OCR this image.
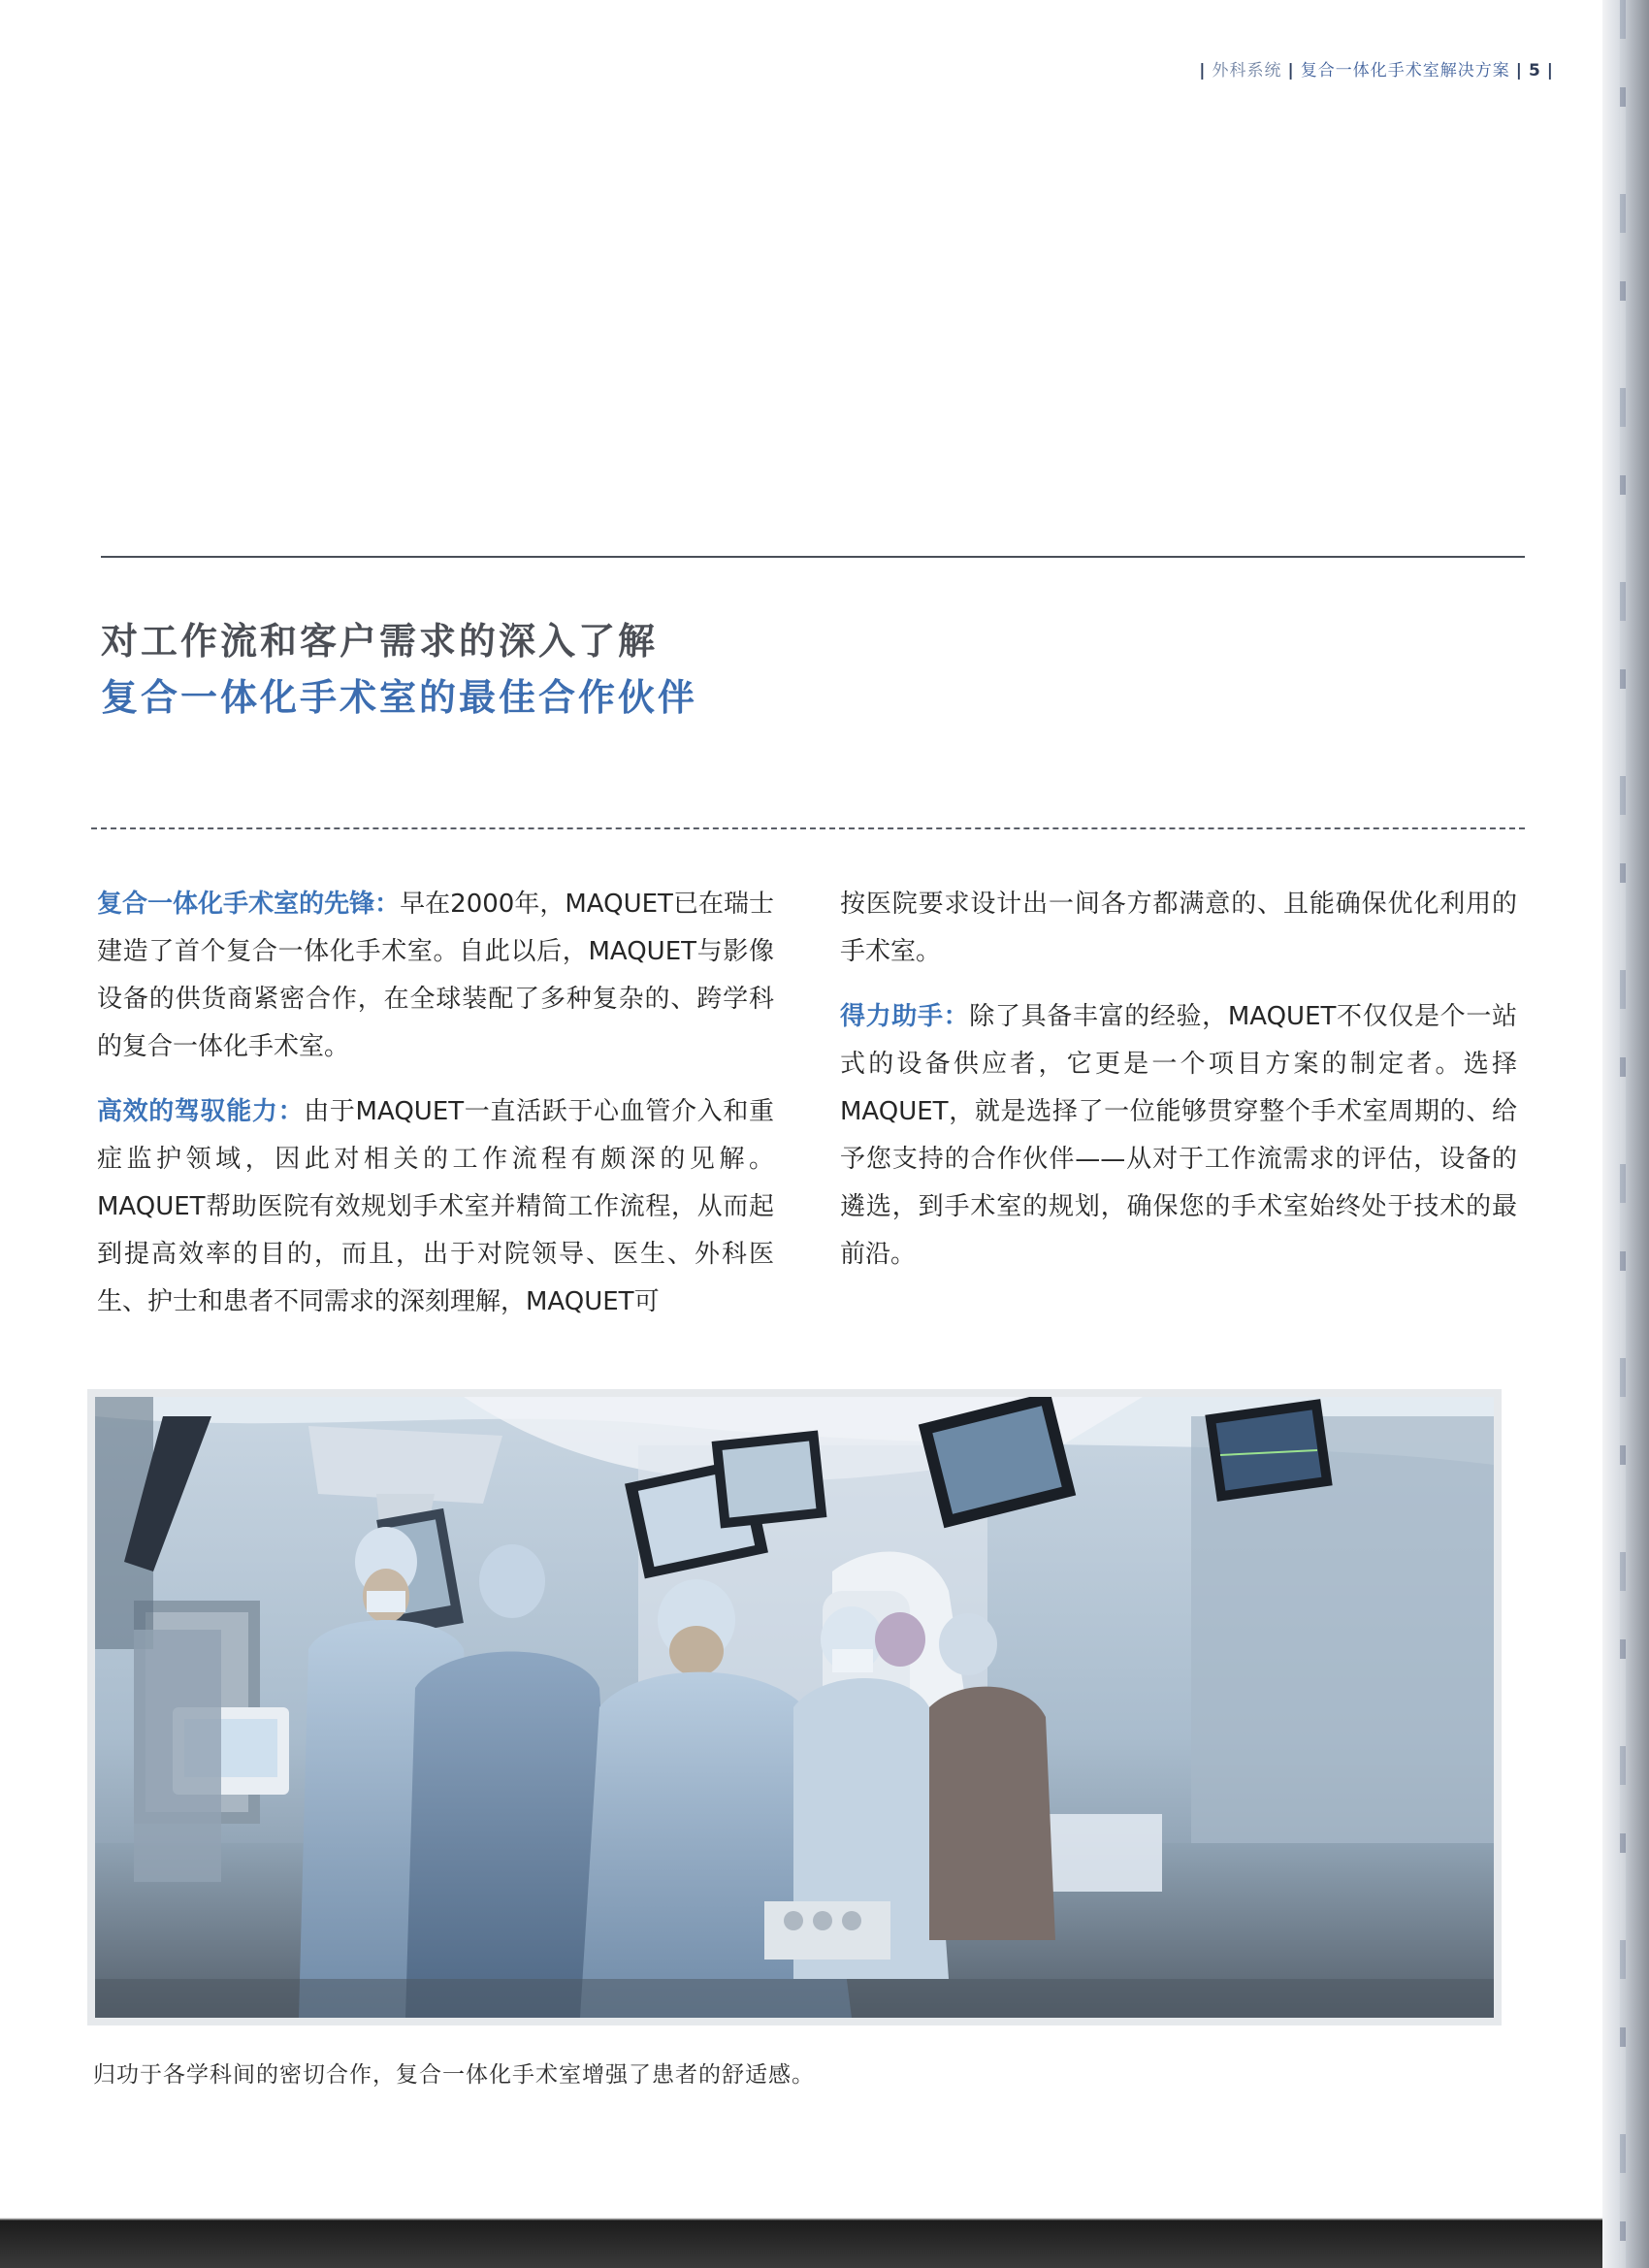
| 外科系统 | 复合一体化手术室解决方案 | 5 |
对工作流和客户需求的深入了解
复合一体化手术室的最佳合作伙伴

复合一体化手术室的先锋：早在2000年，MAQUET已在瑞士建造了首个复合一体化手术室。自此以后，MAQUET与影像设备的供货商紧密合作，在全球装配了多种复杂的、跨学科的复合一体化手术室。

高效的驾驭能力：由于MAQUET一直活跃于心血管介入和重症监护领域，因此对相关的工作流程有颇深的见解。MAQUET帮助医院有效规划手术室并精简工作流程，从而起到提高效率的目的，而且，出于对院领导、医生、外科医生、护士和患者不同需求的深刻理解，MAQUET可

按医院要求设计出一间各方都满意的、且能确保优化利用的手术室。

得力助手：除了具备丰富的经验，MAQUET不仅仅是个一站式的设备供应者，它更是一个项目方案的制定者。选择MAQUET，就是选择了一位能够贯穿整个手术室周期的、给予您支持的合作伙伴——从对于工作流需求的评估，设备的遴选，到手术室的规划，确保您的手术室始终处于技术的最前沿。

归功于各学科间的密切合作，复合一体化手术室增强了患者的舒适感。
